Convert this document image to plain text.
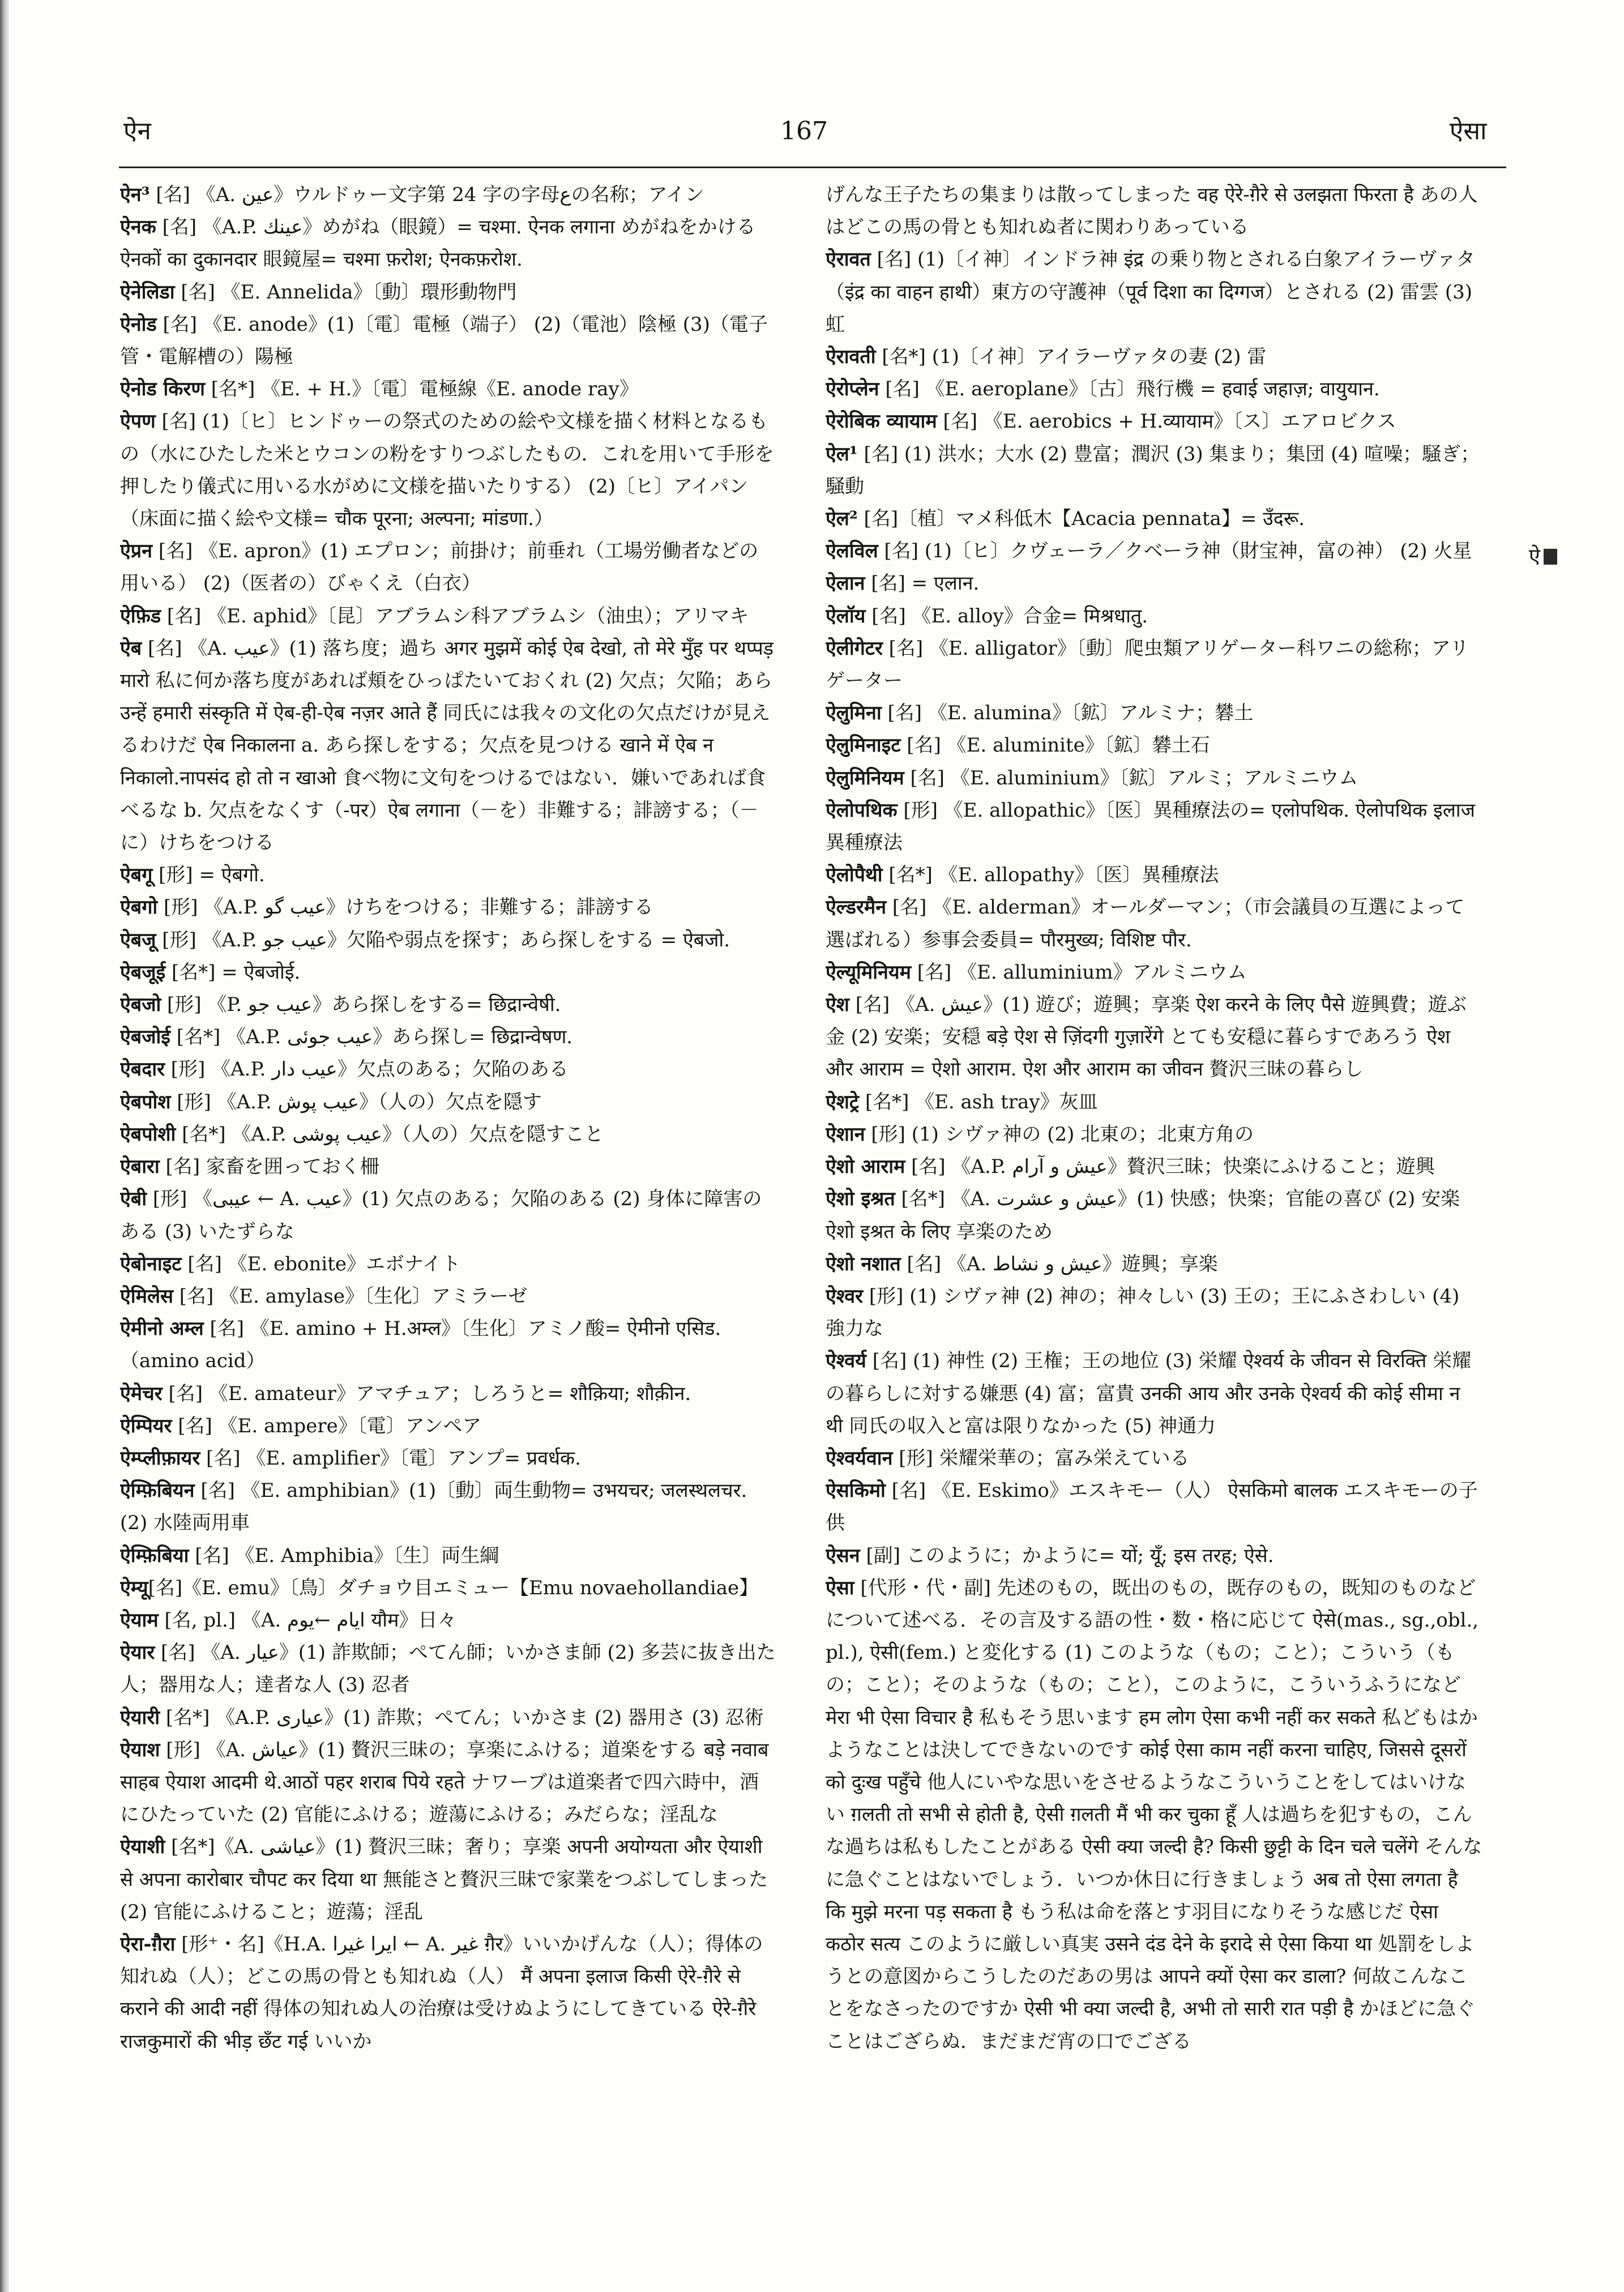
ऐन	167	ऐसा
ऐन³ [名] 《A. عين》ウルドゥー文字第 24 字の字母عの名称；アイン
ऐनक [名] 《A.P. عينك》めがね（眼鏡）= चश्मा. ऐनक लगाना めがねをかける ऐनकों का दुकानदार 眼鏡屋= चश्मा फ़रोश; ऐनकफ़रोश.
ऐनेलिडा [名] 《E. Annelida》〔動〕環形動物門
ऐनोड [名] 《E. anode》(1)〔電〕電極（端子） (2)（電池）陰極 (3)（電子管・電解槽の）陽極
ऐनोड किरण [名*] 《E. + H.》〔電〕電極線《E. anode ray》
ऐपण [名] (1)〔ヒ〕ヒンドゥーの祭式のための絵や文様を描く材料となるもの（水にひたした米とウコンの粉をすりつぶしたもの．これを用いて手形を押したり儀式に用いる水がめに文様を描いたりする） (2)〔ヒ〕アイパン（床面に描く絵や文様= चौक पूरना; अल्पना; मांडणा.）
ऐप्रन [名] 《E. apron》(1) エプロン；前掛け；前垂れ（工場労働者などの用いる） (2)（医者の）びゃくえ（白衣）
ऐफ़िड [名] 《E. aphid》〔昆〕アブラムシ科アブラムシ（油虫）；アリマキ
ऐब [名] 《A. عيب》(1) 落ち度；過ち अगर मुझमें कोई ऐब देखो, तो मेरे मुँह पर थप्पड़ मारो 私に何か落ち度があれば頬をひっぱたいておくれ (2) 欠点；欠陥；あら उन्हें हमारी संस्कृति में ऐब-ही-ऐब नज़र आते हैं 同氏には我々の文化の欠点だけが見えるわけだ ऐब निकालना a. あら探しをする；欠点を見つける खाने में ऐब न निकालो.नापसंद हो तो न खाओ 食べ物に文句をつけるではない．嫌いであれば食べるな b. 欠点をなくす（-पर）ऐब लगाना（－を）非難する；誹謗する；（－に）けちをつける
ऐबगू [形] = ऐबगो.
ऐबगो [形] 《A.P. عيب گو》けちをつける；非難する；誹謗する
ऐबजू [形] 《A.P. عيب جو》欠陥や弱点を探す；あら探しをする = ऐबजो.
ऐबजूई [名*] = ऐबजोई.
ऐबजो [形] 《P. عيب جو》あら探しをする= छिद्रान्वेषी.
ऐबजोई [名*] 《A.P. عيب جوئى》あら探し= छिद्रान्वेषण.
ऐबदार [形] 《A.P. عيب دار》欠点のある；欠陥のある
ऐबपोश [形] 《A.P. عيب پوش》（人の）欠点を隠す
ऐबपोशी [名*] 《A.P. عيب پوشى》（人の）欠点を隠すこと
ऐबारा [名] 家畜を囲っておく柵
ऐबी [形] 《عيبى ← A. عيب》(1) 欠点のある；欠陥のある (2) 身体に障害のある (3) いたずらな
ऐबोनाइट [名] 《E. ebonite》エボナイト
ऐमिलेस [名] 《E. amylase》〔生化〕アミラーゼ
ऐमीनो अम्ल [名] 《E. amino + H.अम्ल》〔生化〕アミノ酸= ऐमीनो एसिड.（amino acid）
ऐमेचर [名] 《E. amateur》アマチュア；しろうと= शौक़िया; शौक़ीन.
ऐम्पियर [名] 《E. ampere》〔電〕アンペア
ऐम्प्लीफ़ायर [名] 《E. amplifier》〔電〕アンプ= प्रवर्धक.
ऐम्फ़िबियन [名] 《E. amphibian》(1)〔動〕両生動物= उभयचर; जलस्थलचर. (2) 水陸両用車
ऐम्फ़िबिया [名] 《E. Amphibia》〔生〕両生綱
ऐम्यू[名]《E. emu》〔鳥〕ダチョウ目エミュー【Emu novaehollandiae】
ऐयाम [名, pl.] 《A. ايام ←يوم यौम》日々
ऐयार [名] 《A. عيار》(1) 詐欺師；ぺてん師；いかさま師 (2) 多芸に抜き出た人；器用な人；達者な人 (3) 忍者
ऐयारी [名*] 《A.P. عيارى》(1) 詐欺；ぺてん；いかさま (2) 器用さ (3) 忍術
ऐयाश [形] 《A. عياش》(1) 贅沢三昧の；享楽にふける；道楽をする बड़े नवाब साहब ऐयाश आदमी थे.आठों पहर शराब पिये रहते ナワーブは道楽者で四六時中，酒にひたっていた (2) 官能にふける；遊蕩にふける；みだらな；淫乱な
ऐयाशी [名*]《A. عياشى》(1) 贅沢三昧；奢り；享楽 अपनी अयोग्यता और ऐयाशी से अपना कारोबार चौपट कर दिया था 無能さと贅沢三昧で家業をつぶしてしまった (2) 官能にふけること；遊蕩；淫乱
ऐरा-ग़ैरा [形⁺・名]《H.A. ايرا غيرا ← A. غير ग़ैर》いいかげんな（人）；得体の知れぬ（人）；どこの馬の骨とも知れぬ（人） मैं अपना इलाज किसी ऐरे-ग़ैरे से कराने की आदी नहीं 得体の知れぬ人の治療は受けぬようにしてきている ऐरे-ग़ैरे राजकुमारों की भीड़ छँट गई いいか
げんな王子たちの集まりは散ってしまった वह ऐरे-ग़ैरे से उलझता फिरता है あの人はどこの馬の骨とも知れぬ者に関わりあっている
ऐरावत [名] (1)〔イ神〕インドラ神 इंद्र の乗り物とされる白象アイラーヴァタ（इंद्र का वाहन हाथी）東方の守護神（पूर्व दिशा का दिग्गज）とされる (2) 雷雲 (3) 虹
ऐरावती [名*] (1)〔イ神〕アイラーヴァタの妻 (2) 雷
ऐरोप्लेन [名] 《E. aeroplane》〔古〕飛行機 = हवाई जहाज़; वायुयान.
ऐरोबिक व्यायाम [名] 《E. aerobics + H.व्यायाम》〔ス〕エアロビクス
ऐल¹ [名] (1) 洪水；大水 (2) 豊富；潤沢 (3) 集まり；集団 (4) 喧噪；騒ぎ；騒動
ऐल² [名]〔植〕マメ科低木【Acacia pennata】= उँदरू.
ऐलविल [名] (1)〔ヒ〕クヴェーラ／クベーラ神（財宝神，富の神） (2) 火星
ऐलान [名] = एलान.
ऐलॉय [名] 《E. alloy》合金= मिश्रधातु.
ऐलीगेटर [名] 《E. alligator》〔動〕爬虫類アリゲーター科ワニの総称；アリゲーター
ऐलुमिना [名] 《E. alumina》〔鉱〕アルミナ；礬土
ऐलुमिनाइट [名] 《E. aluminite》〔鉱〕礬土石
ऐलुमिनियम [名] 《E. aluminium》〔鉱〕アルミ；アルミニウム
ऐलोपथिक [形] 《E. allopathic》〔医〕異種療法の= एलोपथिक. ऐलोपथिक इलाज 異種療法
ऐलोपैथी [名*] 《E. allopathy》〔医〕異種療法
ऐल्डरमैन [名] 《E. alderman》オールダーマン；（市会議員の互選によって選ばれる）参事会委員= पौरमुख्य; विशिष्ट पौर.
ऐल्यूमिनियम [名] 《E. alluminium》アルミニウム
ऐश [名] 《A. عيش》(1) 遊び；遊興；享楽 ऐश करने के लिए पैसे 遊興費；遊ぶ金 (2) 安楽；安穏 बड़े ऐश से ज़िंदगी गुज़ारेंगे とても安穏に暮らすであろう ऐश और आराम = ऐशो आराम. ऐश और आराम का जीवन 贅沢三昧の暮らし
ऐशट्रे [名*] 《E. ash tray》灰皿
ऐशान [形] (1) シヴァ神の (2) 北東の；北東方角の
ऐशो आराम [名] 《A.P. عيش و آرام》贅沢三昧；快楽にふけること；遊興
ऐशो इश्रत [名*] 《A. عيش و عشرت》(1) 快感；快楽；官能の喜び (2) 安楽 ऐशो इश्रत के लिए 享楽のため
ऐशो नशात [名] 《A. عيش و نشاط》遊興；享楽
ऐश्वर [形] (1) シヴァ神 (2) 神の；神々しい (3) 王の；王にふさわしい (4) 強力な
ऐश्वर्य [名] (1) 神性 (2) 王権；王の地位 (3) 栄耀 ऐश्वर्य के जीवन से विरक्ति 栄耀の暮らしに対する嫌悪 (4) 富；富貴 उनकी आय और उनके ऐश्वर्य की कोई सीमा न थी 同氏の収入と富は限りなかった (5) 神通力
ऐश्वर्यवान [形] 栄耀栄華の；富み栄えている
ऐसकिमो [名] 《E. Eskimo》エスキモー（人） ऐसकिमो बालक エスキモーの子供
ऐसन [副] このように；かように= यों; यूँ; इस तरह; ऐसे.
ऐसा [代形・代・副] 先述のもの，既出のもの，既存のもの，既知のものなどについて述べる．その言及する語の性・数・格に応じて ऐसे(mas., sg.,obl., pl.), ऐसी(fem.) と変化する (1) このような（もの；こと）；こういう（もの；こと）；そのような（もの；こと），このように，こういうふうになど मेरा भी ऐसा विचार है 私もそう思います हम लोग ऐसा कभी नहीं कर सकते 私どもはかようなことは決してできないのです कोई ऐसा काम नहीं करना चाहिए, जिससे दूसरों को दुःख पहुँचे 他人にいやな思いをさせるようなこういうことをしてはいけない ग़लती तो सभी से होती है, ऐसी ग़लती मैं भी कर चुका हूँ 人は過ちを犯すもの，こんな過ちは私もしたことがある ऐसी क्या जल्दी है? किसी छुट्टी के दिन चले चलेंगे そんなに急ぐことはないでしょう．いつか休日に行きましょう अब तो ऐसा लगता है कि मुझे मरना पड़ सकता है もう私は命を落とす羽目になりそうな感じだ ऐसा कठोर सत्य このように厳しい真実 उसने दंड देने के इरादे से ऐसा किया था 処罰をしようとの意図からこうしたのだあの男は आपने क्यों ऐसा कर डाला? 何故こんなことをなさったのですか ऐसी भी क्या जल्दी है, अभी तो सारी रात पड़ी है かほどに急ぐことはござらぬ．まだまだ宵の口でござる
ऐ
